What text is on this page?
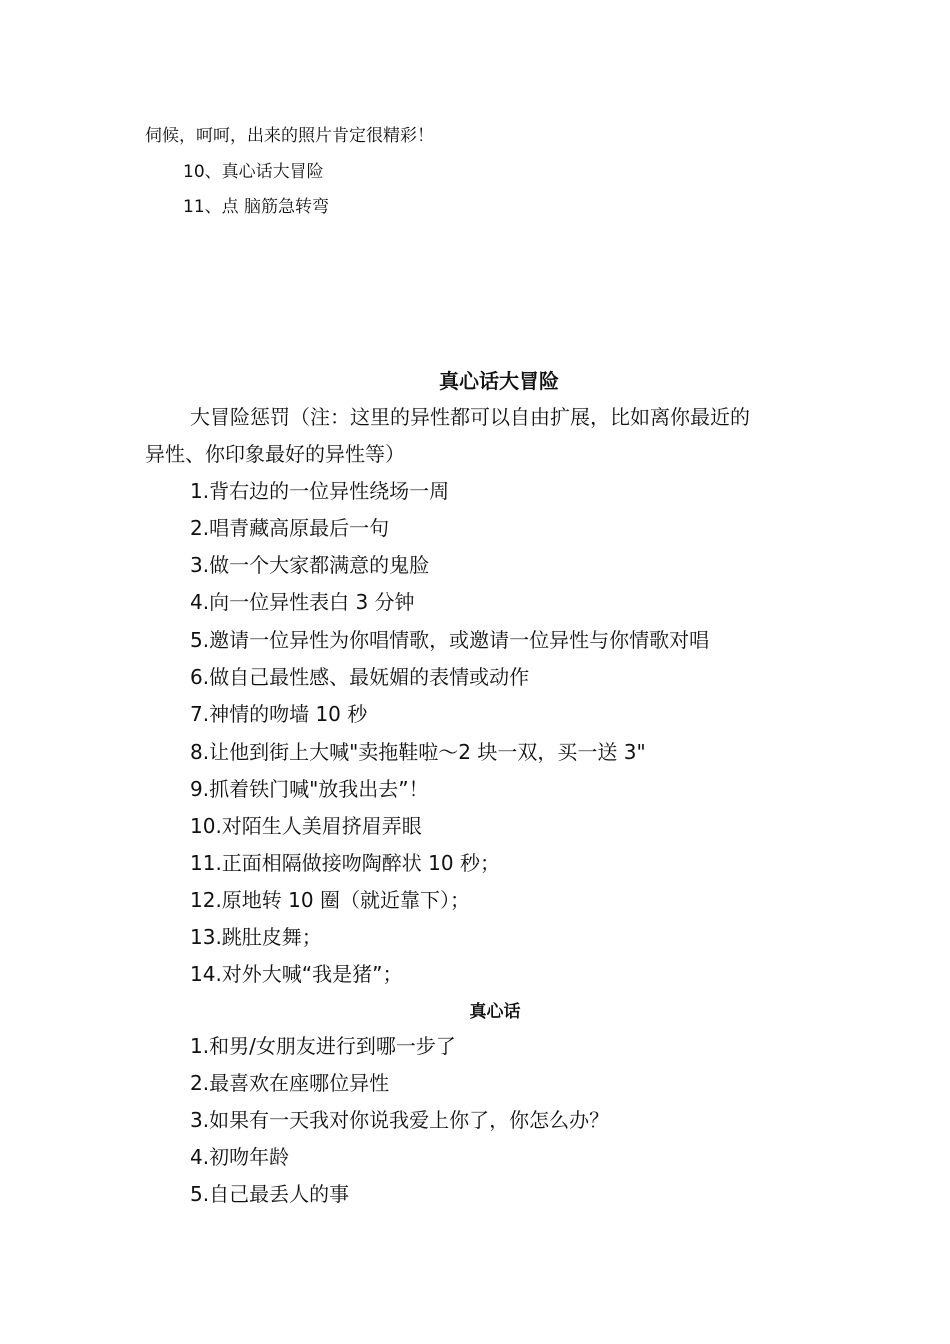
伺候，呵呵，出来的照片肯定很精彩！
10、真心话大冒险
11、点 脑筋急转弯
真心话大冒险
大冒险惩罚（注：这里的异性都可以自由扩展，比如离你最近的
异性、你印象最好的异性等）
1.背右边的一位异性绕场一周
2.唱青藏高原最后一句
3.做一个大家都满意的鬼脸
4.向一位异性表白 3 分钟
5.邀请一位异性为你唱情歌，或邀请一位异性与你情歌对唱
6.做自己最性感、最妩媚的表情或动作
7.神情的吻墙 10 秒
8.让他到街上大喊"卖拖鞋啦～2 块一双，买一送 3"
9.抓着铁门喊"放我出去”！
10.对陌生人美眉挤眉弄眼
11.正面相隔做接吻陶醉状 10 秒；
12.原地转 10 圈（就近靠下）；
13.跳肚皮舞；
14.对外大喊“我是猪”；
真心话
1.和男/女朋友进行到哪一步了
2.最喜欢在座哪位异性
3.如果有一天我对你说我爱上你了，你怎么办？
4.初吻年龄
5.自己最丢人的事
